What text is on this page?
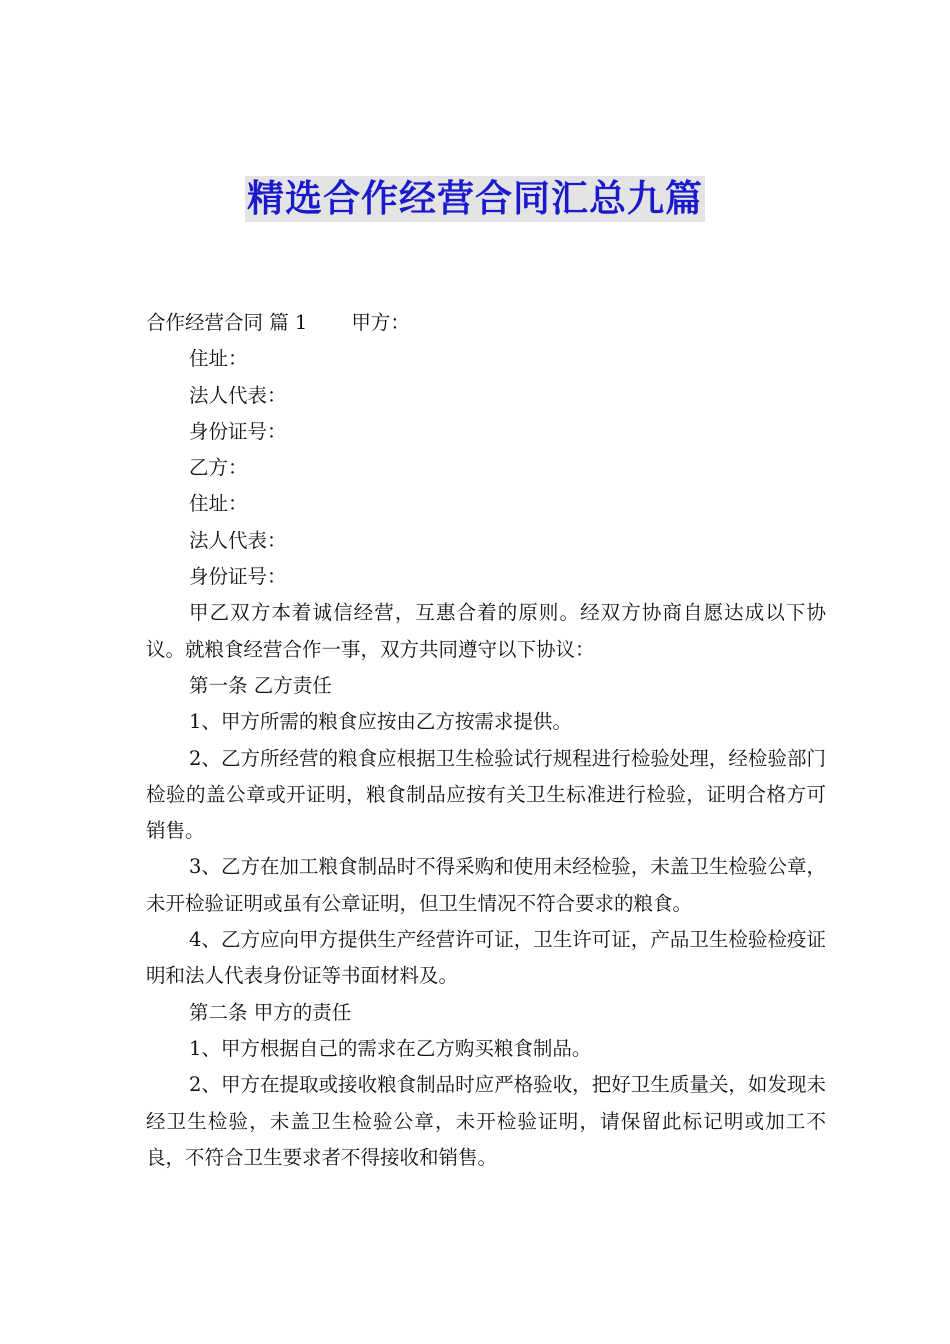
精选合作经营合同汇总九篇

合作经营合同 篇 1 甲方：

住址：

法人代表：

身份证号：

乙方：

住址：

法人代表：

身份证号：

甲乙双方本着诚信经营，互惠合着的原则。经双方协商自愿达成以下协议。就粮食经营合作一事，双方共同遵守以下协议：

第一条 乙方责任

1、甲方所需的粮食应按由乙方按需求提供。

2、乙方所经营的粮食应根据卫生检验试行规程进行检验处理，经检验部门检验的盖公章或开证明，粮食制品应按有关卫生标准进行检验，证明合格方可销售。

3、乙方在加工粮食制品时不得采购和使用未经检验，未盖卫生检验公章，未开检验证明或虽有公章证明，但卫生情况不符合要求的粮食。

4、乙方应向甲方提供生产经营许可证，卫生许可证，产品卫生检验检疫证明和法人代表身份证等书面材料及。

第二条 甲方的责任

1、甲方根据自己的需求在乙方购买粮食制品。

2、甲方在提取或接收粮食制品时应严格验收，把好卫生质量关，如发现未经卫生检验，未盖卫生检验公章，未开检验证明，请保留此标记明或加工不良，不符合卫生要求者不得接收和销售。
